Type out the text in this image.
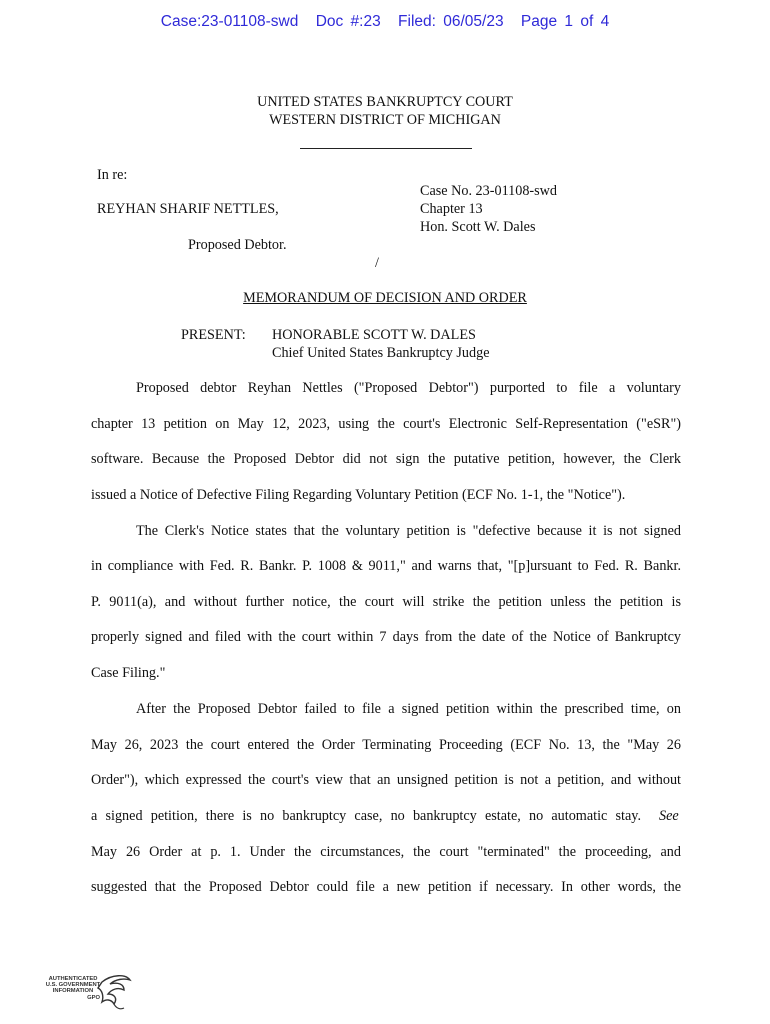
Case:23-01108-swd Doc #:23 Filed: 06/05/23 Page 1 of 4
UNITED STATES BANKRUPTCY COURT
WESTERN DISTRICT OF MICHIGAN
In re:
Case No. 23-01108-swd
REYHAN SHARIF NETTLES,	Chapter 13
Hon. Scott W. Dales
Proposed Debtor.
/
MEMORANDUM OF DECISION AND ORDER
PRESENT: HONORABLE SCOTT W. DALES
Chief United States Bankruptcy Judge
Proposed debtor Reyhan Nettles ("Proposed Debtor") purported to file a voluntary
chapter 13 petition on May 12, 2023, using the court's Electronic Self-Representation ("eSR")
software. Because the Proposed Debtor did not sign the putative petition, however, the Clerk
issued a Notice of Defective Filing Regarding Voluntary Petition (ECF No. 1-1, the "Notice").
The Clerk's Notice states that the voluntary petition is "defective because it is not signed
in compliance with Fed. R. Bankr. P. 1008 & 9011," and warns that, "[p]ursuant to Fed. R. Bankr.
P. 9011(a), and without further notice, the court will strike the petition unless the petition is
properly signed and filed with the court within 7 days from the date of the Notice of Bankruptcy
Case Filing."
After the Proposed Debtor failed to file a signed petition within the prescribed time, on
May 26, 2023 the court entered the Order Terminating Proceeding (ECF No. 13, the "May 26
Order"), which expressed the court's view that an unsigned petition is not a petition, and without
a signed petition, there is no bankruptcy case, no bankruptcy estate, no automatic stay. See
May 26 Order at p. 1. Under the circumstances, the court "terminated" the proceeding, and
suggested that the Proposed Debtor could file a new petition if necessary. In other words, the
AUTHENTICATED
U.S. GOVERNMENT
INFORMATION
GPO
